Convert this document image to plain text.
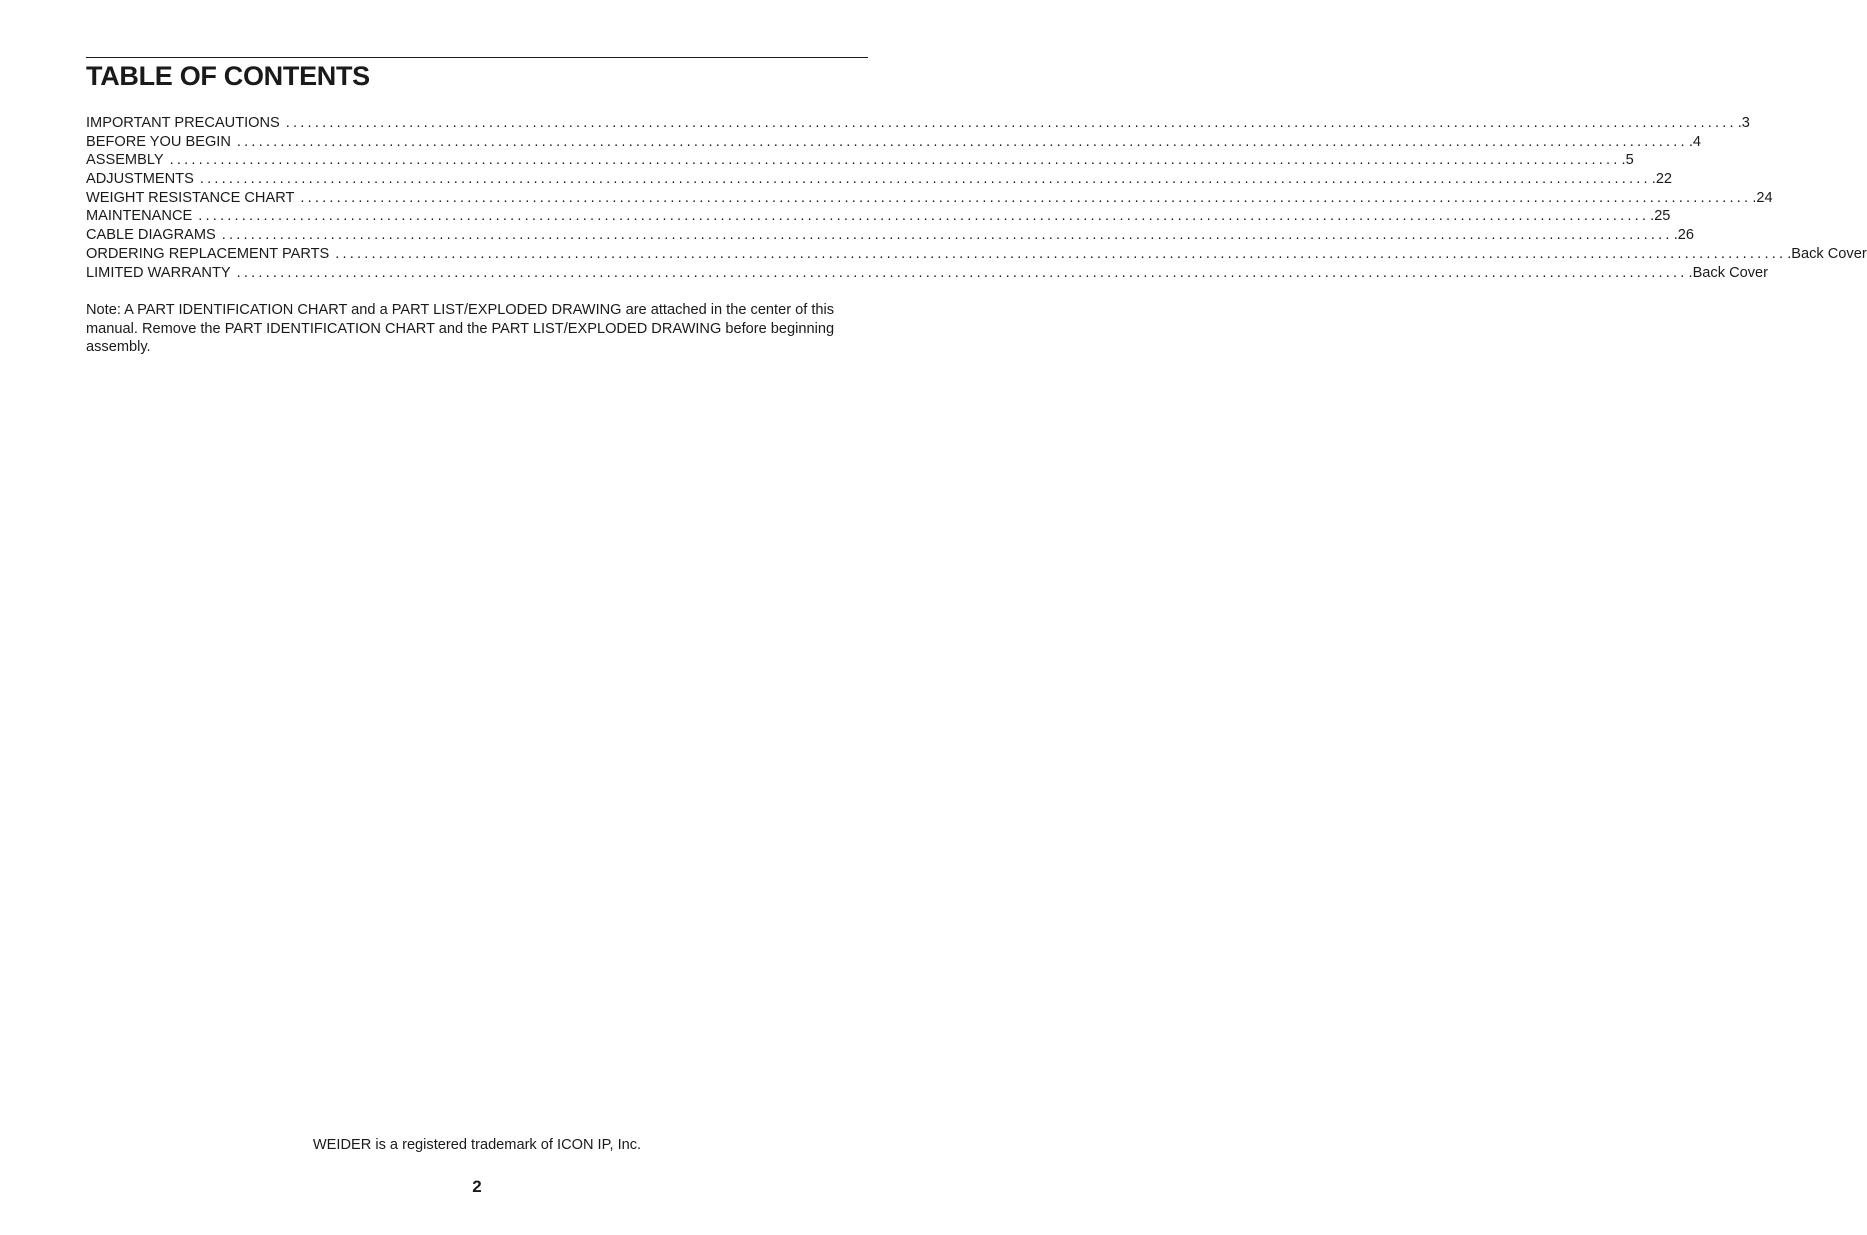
TABLE OF CONTENTS
IMPORTANT PRECAUTIONS ........................................................................................................................................................................................................ .3
BEFORE YOU BEGIN ........................................................................................................................................................................................................ .4
ASSEMBLY ........................................................................................................................................................................................................ .5
ADJUSTMENTS ........................................................................................................................................................................................................ .22
WEIGHT RESISTANCE CHART ........................................................................................................................................................................................................ .24
MAINTENANCE ........................................................................................................................................................................................................ .25
CABLE DIAGRAMS ........................................................................................................................................................................................................ .26
ORDERING REPLACEMENT PARTS ........................................................................................................................................................................................................ .Back Cover
LIMITED WARRANTY ........................................................................................................................................................................................................ .Back Cover

Note: A PART IDENTIFICATION CHART and a PART LIST/EXPLODED DRAWING are attached in the center of this manual. Remove the PART IDENTIFICATION CHART and the PART LIST/EXPLODED DRAWING before beginning assembly.

WEIDER is a registered trademark of ICON IP, Inc.

2
